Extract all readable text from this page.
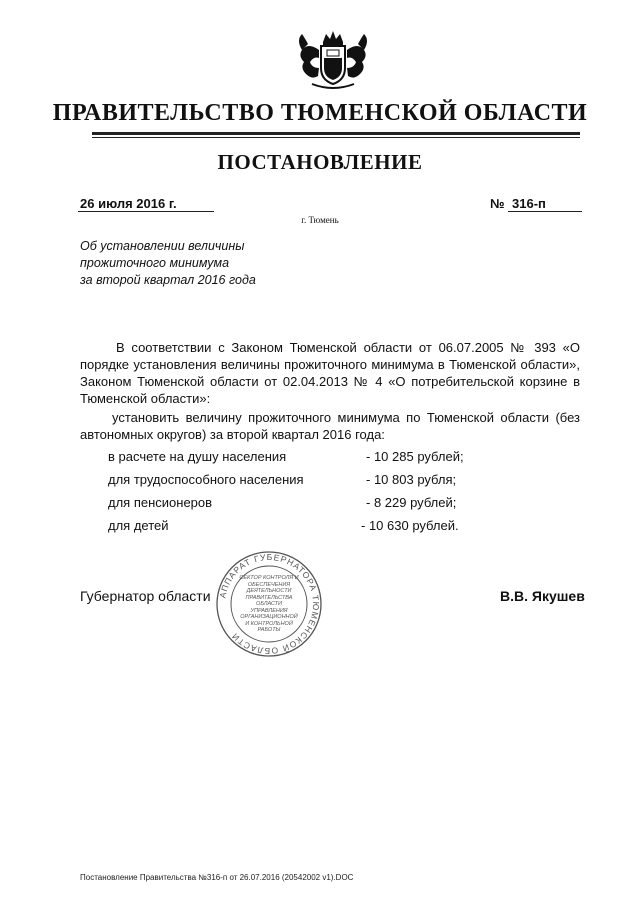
ПРАВИТЕЛЬСТВО ТЮМЕНСКОЙ ОБЛАСТИ
ПОСТАНОВЛЕНИЕ
26 июля 2016 г.	№ 316-п
г. Тюмень
Об установлении величины
прожиточного минимума
за второй квартал 2016 года
В соответствии с Законом Тюменской области от 06.07.2005 № 393 «О порядке установления величины прожиточного минимума в Тюменской области», Законом Тюменской области от 02.04.2013 № 4 «О потребительской корзине в Тюменской области»:
установить величину прожиточного минимума по Тюменской области (без автономных округов) за второй квартал 2016 года:
в расчете на душу населения	- 10 285 рублей;
для трудоспособного населения	- 10 803 рубля;
для пенсионеров	- 8 229 рублей;
для детей	- 10 630 рублей.
АППАРАТ ГУБЕРНАТОРА ТЮМЕНСКОЙ ОБЛАСТИ
СЕКТОР КОНТРОЛЯ И ОБЕСПЕЧЕНИЯ ДЕЯТЕЛЬНОСТИ ПРАВИТЕЛЬСТВА ОБЛАСТИ УПРАВЛЕНИЯ ОРГАНИЗАЦИОННОЙ И КОНТРОЛЬНОЙ РАБОТЫ
Губернатор области	В.В. Якушев
Постановление Правительства №316-п от 26.07.2016 (20542002 v1).DOC
